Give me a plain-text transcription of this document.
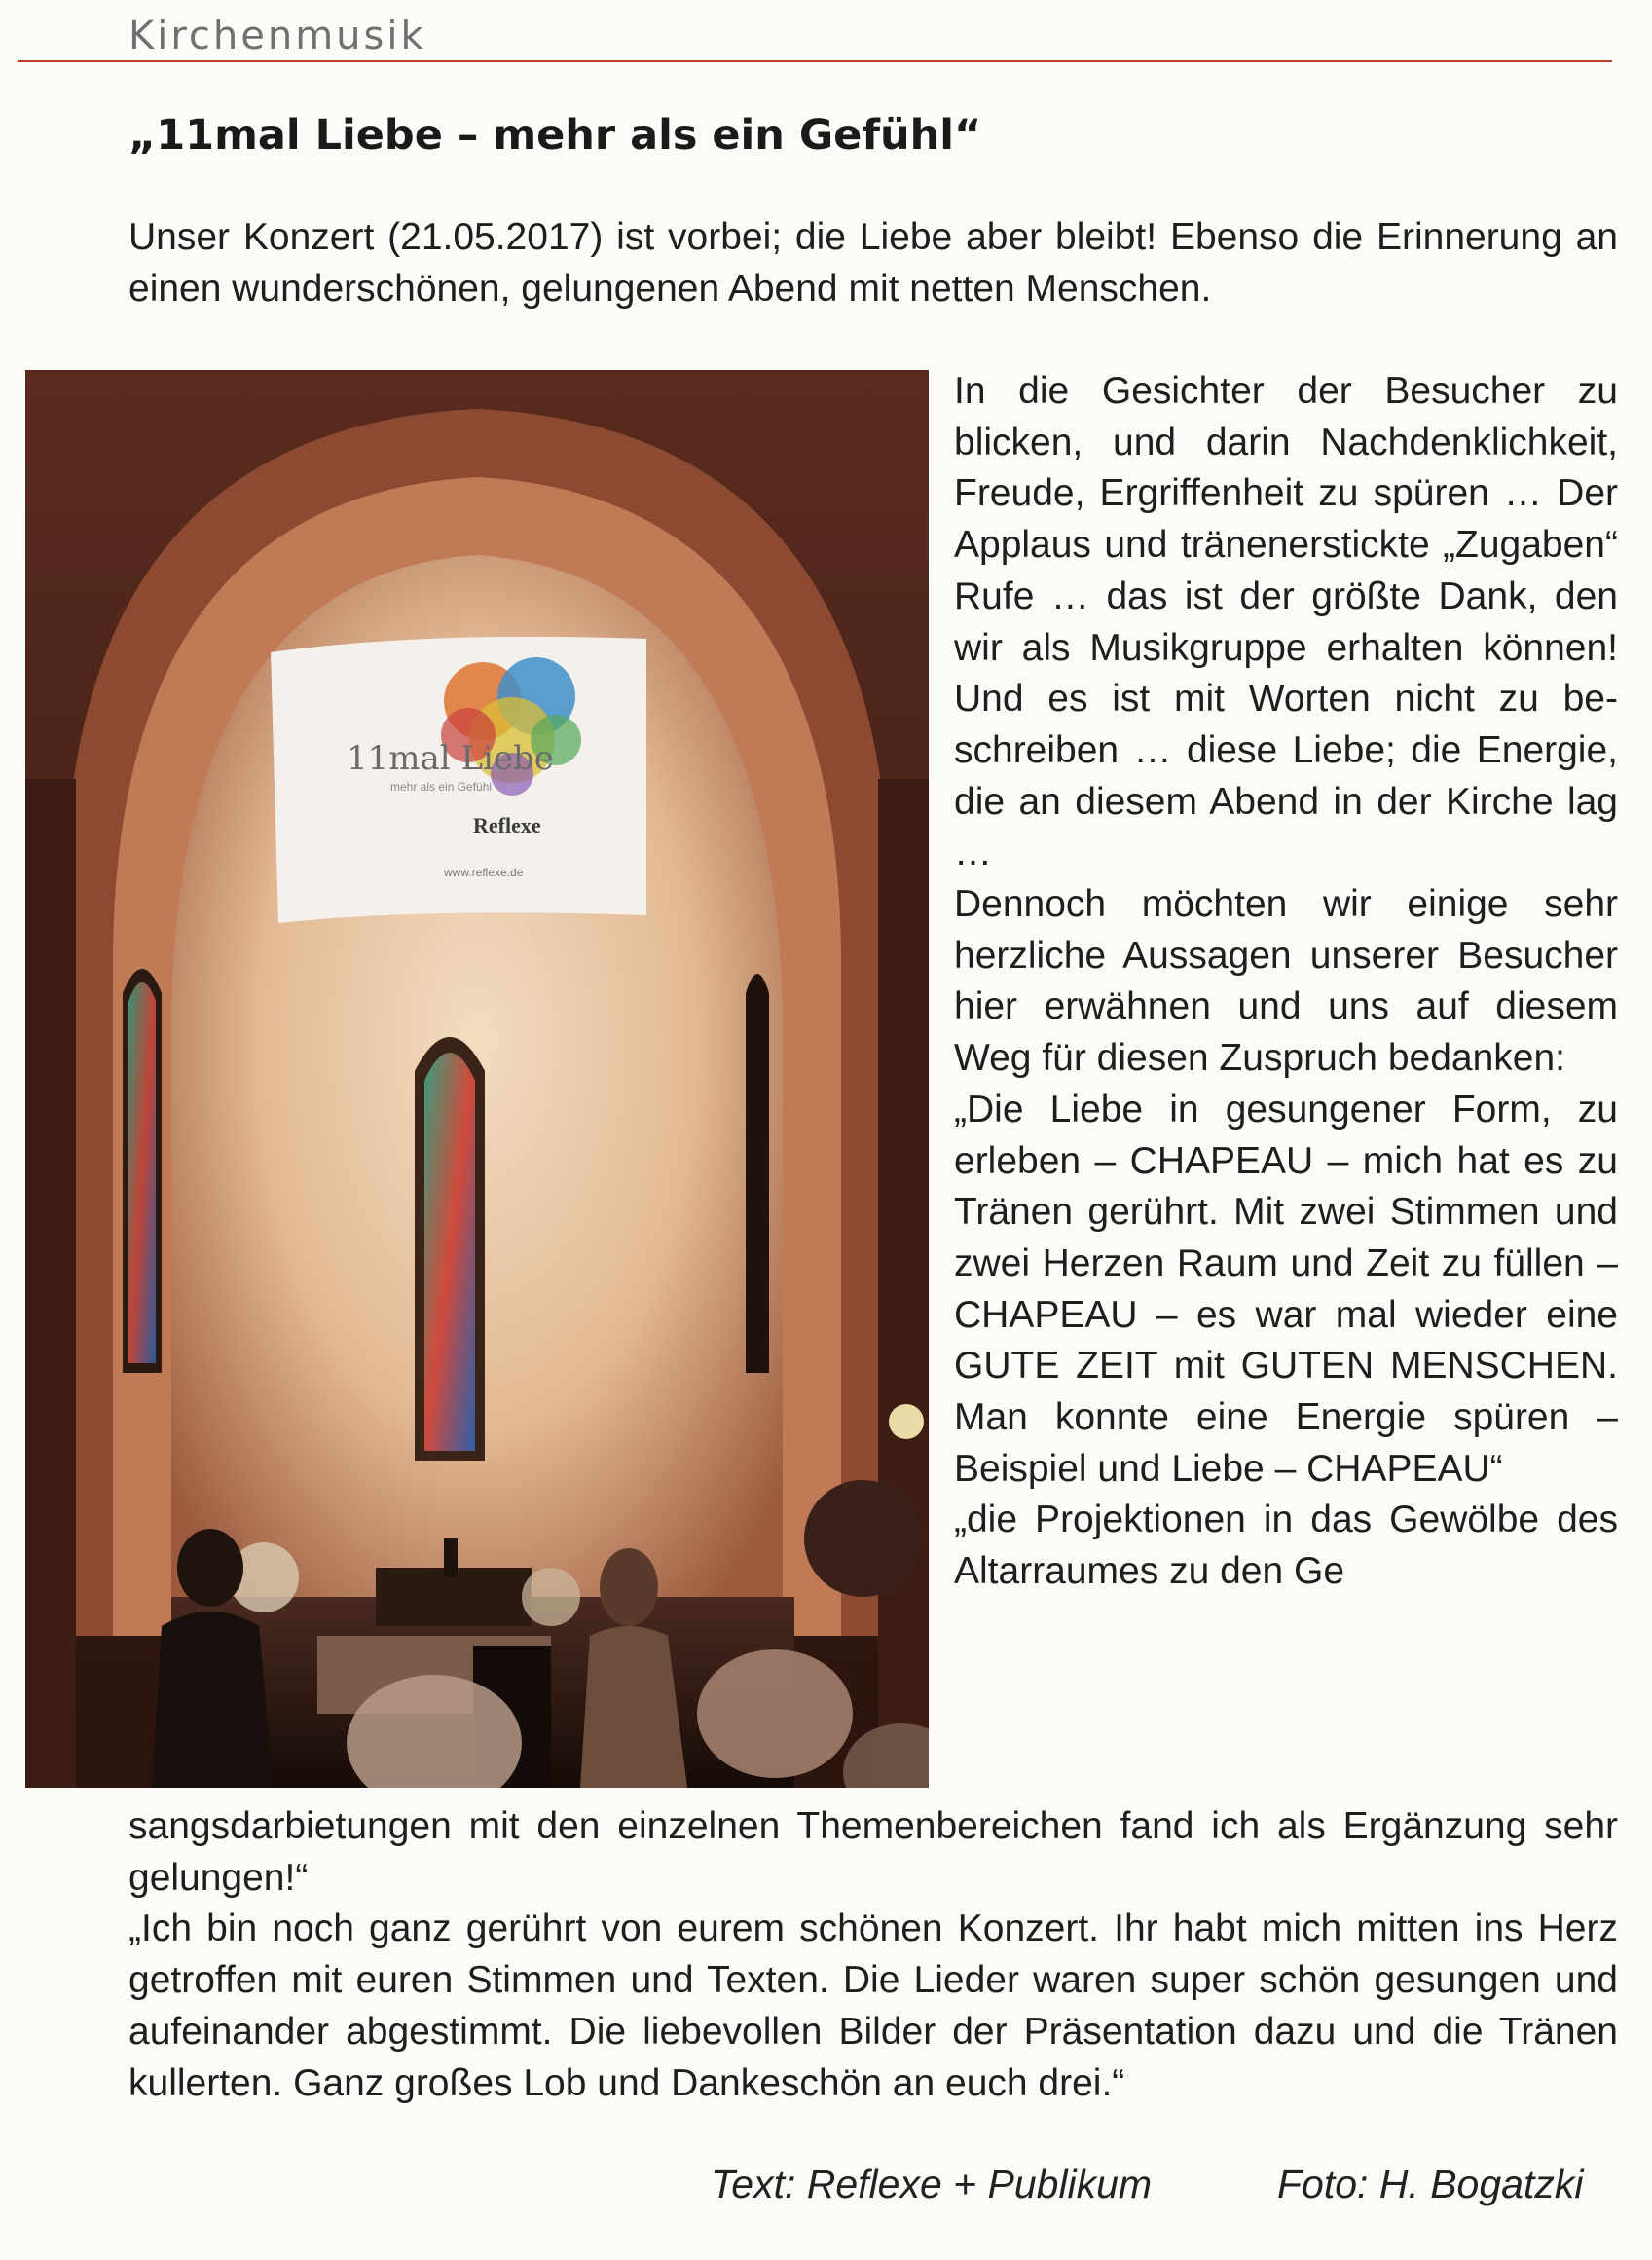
Kirchenmusik
„11mal Liebe – mehr als ein Gefühl“

Unser Konzert (21.05.2017) ist vorbei; die Liebe aber bleibt! Ebenso die Erinnerung an einen wunderschönen, gelungenen Abend mit netten Menschen.

11mal Liebe
mehr als ein Gefühl
Reflexe
www.reflexe.de

In die Gesichter der Besucher zu blicken, und darin Nachdenklichkeit, Freude, Ergriffenheit zu spüren … Der Applaus und tränenerstickte „Zugaben“ Rufe … das ist der größte Dank, den wir als Musikgruppe erhalten können! Und es ist mit Worten nicht zu beschreiben … diese Liebe; die Energie, die an diesem Abend in der Kirche lag …

Dennoch möchten wir einige sehr herzliche Aussagen unserer Besucher hier erwähnen und uns auf diesem Weg für diesen Zuspruch bedanken:

„Die Liebe in gesungener Form, zu erleben – CHAPEAU – mich hat es zu Tränen gerührt. Mit zwei Stimmen und zwei Herzen Raum und Zeit zu füllen – CHAPEAU – es war mal wieder eine GUTE ZEIT mit GUTEN MENSCHEN. Man konnte eine Energie spüren – Beispiel und Liebe – CHAPEAU“

„die Projektionen in das Gewölbe des Altarraumes zu den Ge

sangsdarbietungen mit den einzelnen Themenbereichen fand ich als Ergänzung sehr gelungen!“

„Ich bin noch ganz gerührt von eurem schönen Konzert. Ihr habt mich mitten ins Herz getroffen mit euren Stimmen und Texten. Die Lieder waren super schön gesungen und aufeinander abgestimmt. Die liebevollen Bilder der Präsentation dazu und die Tränen kullerten. Ganz großes Lob und Dankeschön an euch drei.“

Text: Reflexe + Publikum	Foto: H. Bogatzki
